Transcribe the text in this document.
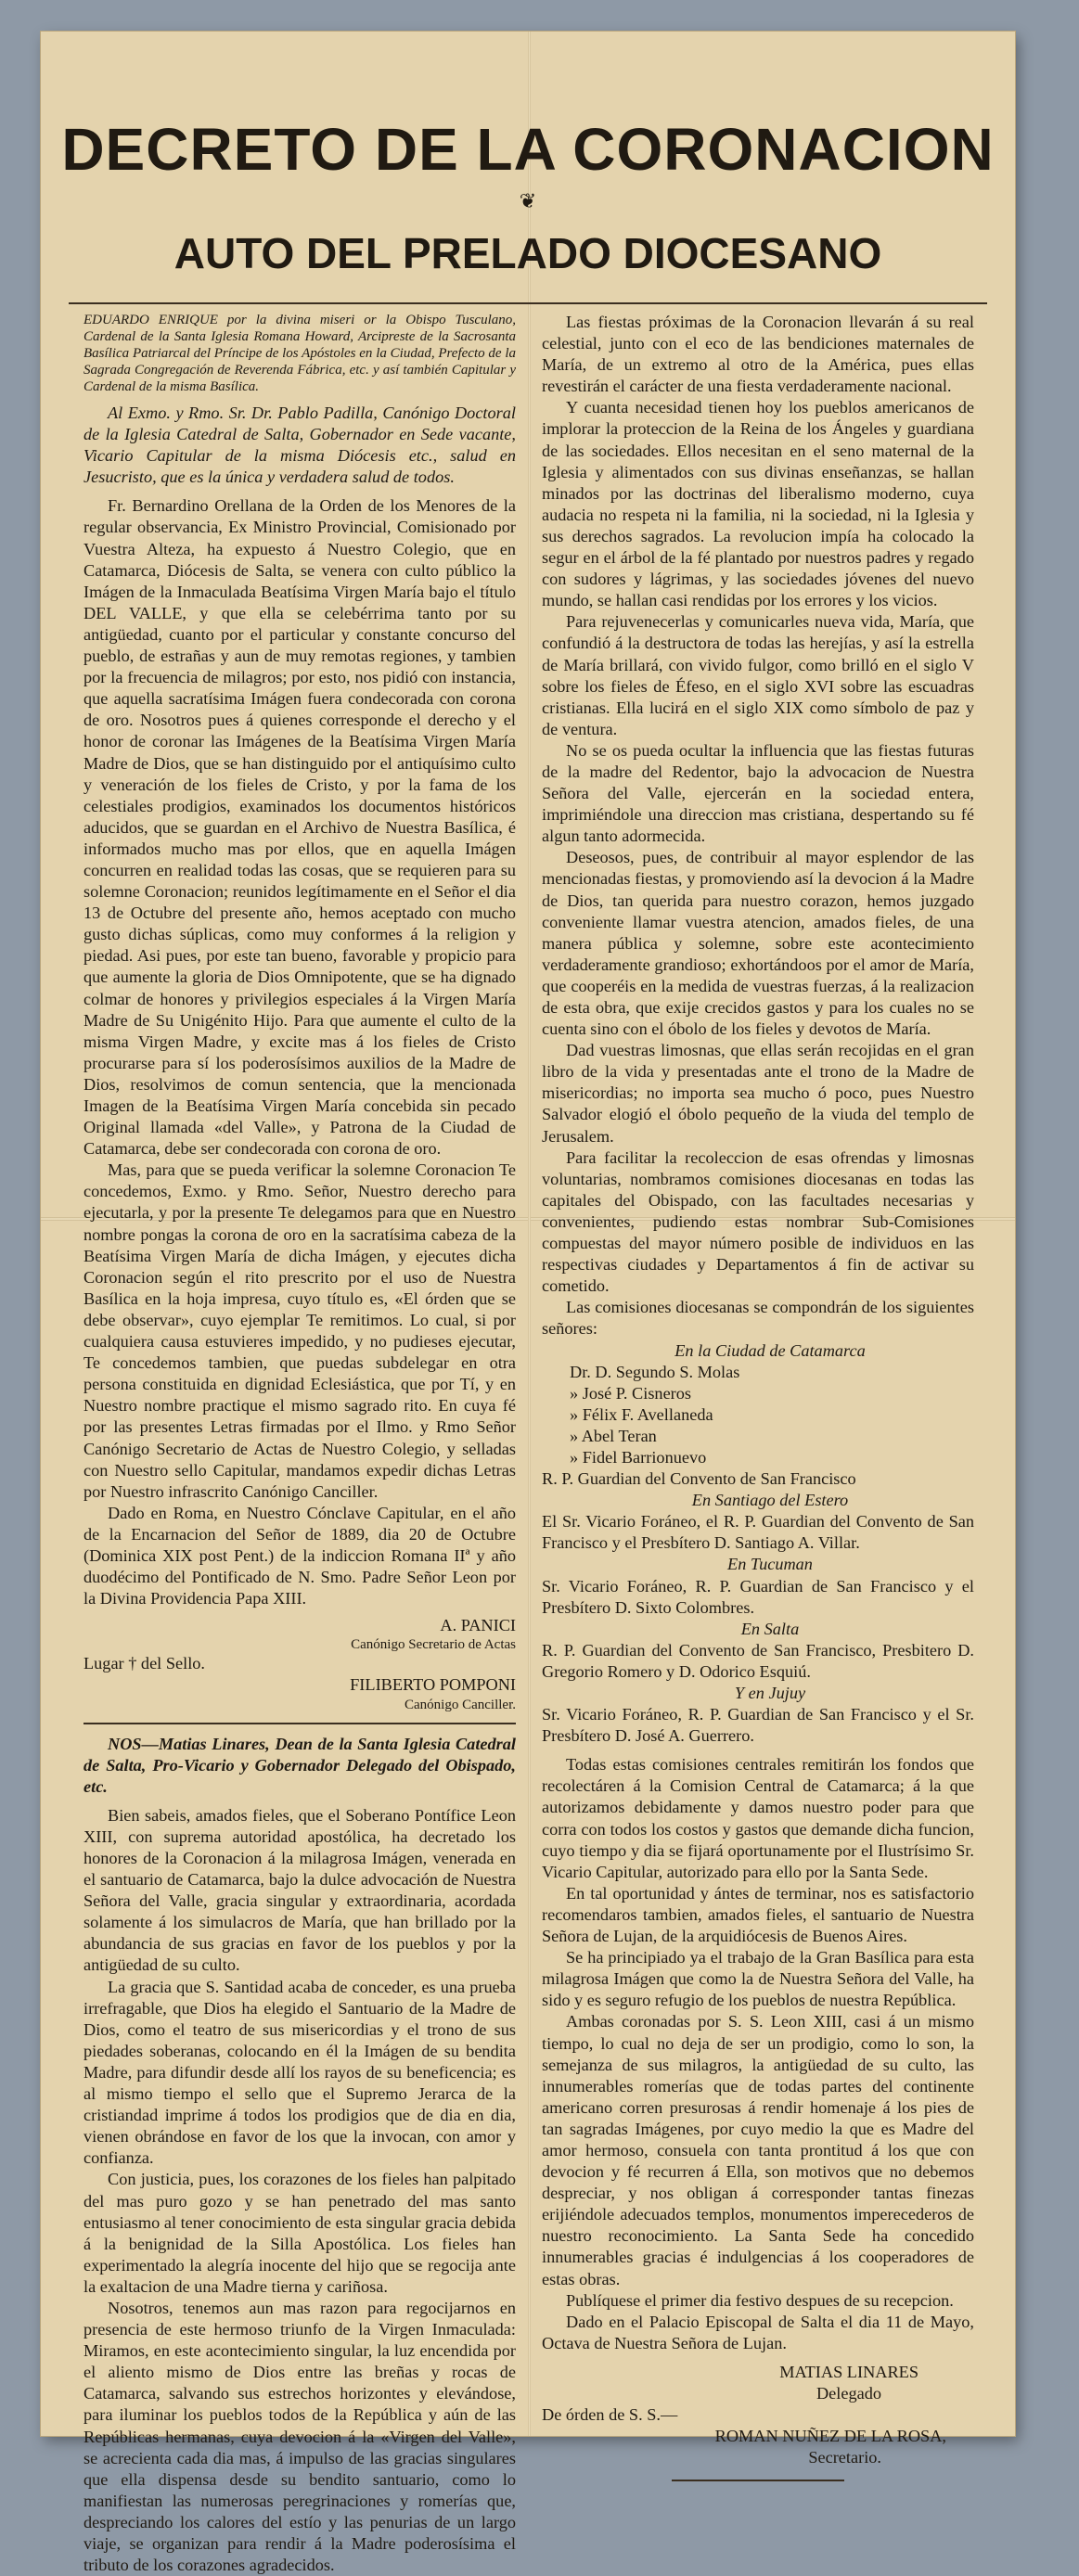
DECRETO DE LA CORONACION
❦
AUTO DEL PRELADO DIOCESANO

EDUARDO ENRIQUE por la divina miseri or la Obispo Tusculano, Cardenal de la Santa Iglesia Romana Howard, Arcipreste de la Sacrosanta Basílica Patriarcal del Príncipe de los Apóstoles en la Ciudad, Prefecto de la Sagrada Congregación de Reverenda Fábrica, etc. y así también Capitular y Cardenal de la misma Basílica.

Al Exmo. y Rmo. Sr. Dr. Pablo Padilla, Canónigo Doctoral de la Iglesia Catedral de Salta, Gobernador en Sede vacante, Vicario Capitular de la misma Diócesis etc., salud en Jesucristo, que es la única y verdadera salud de todos.

Fr. Bernardino Orellana de la Orden de los Menores de la regular observancia, Ex Ministro Provincial, Comisionado por Vuestra Alteza, ha expuesto á Nuestro Colegio, que en Catamarca, Diócesis de Salta, se venera con culto público la Imágen de la Inmaculada Beatísima Virgen María bajo el título DEL VALLE, y que ella se celebérrima tanto por su antigüedad, cuanto por el particular y constante concurso del pueblo, de estrañas y aun de muy remotas regiones, y tambien por la frecuencia de milagros; por esto, nos pidió con instancia, que aquella sacratísima Imágen fuera condecorada con corona de oro. Nosotros pues á quienes corresponde el derecho y el honor de coronar las Imágenes de la Beatísima Virgen María Madre de Dios, que se han distinguido por el antiquísimo culto y veneración de los fieles de Cristo, y por la fama de los celestiales prodigios, examinados los documentos históricos aducidos, que se guardan en el Archivo de Nuestra Basílica, é informados mucho mas por ellos, que en aquella Imágen concurren en realidad todas las cosas, que se requieren para su solemne Coronacion; reunidos legítimamente en el Señor el dia 13 de Octubre del presente año, hemos aceptado con mucho gusto dichas súplicas, como muy conformes á la religion y piedad. Asi pues, por este tan bueno, favorable y propicio para que aumente la gloria de Dios Omnipotente, que se ha dignado colmar de honores y privilegios especiales á la Virgen María Madre de Su Unigénito Hijo. Para que aumente el culto de la misma Virgen Madre, y excite mas á los fieles de Cristo procurarse para sí los poderosísimos auxilios de la Madre de Dios, resolvimos de comun sentencia, que la mencionada Imagen de la Beatísima Virgen María concebida sin pecado Original llamada «del Valle», y Patrona de la Ciudad de Catamarca, debe ser condecorada con corona de oro.

Mas, para que se pueda verificar la solemne Coronacion Te concedemos, Exmo. y Rmo. Señor, Nuestro derecho para ejecutarla, y por la presente Te delegamos para que en Nuestro nombre pongas la corona de oro en la sacratísima cabeza de la Beatísima Virgen María de dicha Imágen, y ejecutes dicha Coronacion según el rito prescrito por el uso de Nuestra Basílica en la hoja impresa, cuyo título es, «El órden que se debe observar», cuyo ejemplar Te remitimos. Lo cual, si por cualquiera causa estuvieres impedido, y no pudieses ejecutar, Te concedemos tambien, que puedas subdelegar en otra persona constituida en dignidad Eclesiástica, que por Tí, y en Nuestro nombre practique el mismo sagrado rito. En cuya fé por las presentes Letras firmadas por el Ilmo. y Rmo Señor Canónigo Secretario de Actas de Nuestro Colegio, y selladas con Nuestro sello Capitular, mandamos expedir dichas Letras por Nuestro infrascrito Canónigo Canciller.

Dado en Roma, en Nuestro Cónclave Capitular, en el año de la Encarnacion del Señor de 1889, dia 20 de Octubre (Dominica XIX post Pent.) de la indiccion Romana IIª y año duodécimo del Pontificado de N. Smo. Padre Señor Leon por la Divina Providencia Papa XIII.

A. PANICI

Canónigo Secretario de Actas

Lugar † del Sello.

FILIBERTO POMPONI

Canónigo Canciller.

NOS—Matias Linares, Dean de la Santa Iglesia Catedral de Salta, Pro-Vicario y Gobernador Delegado del Obispado, etc.

Bien sabeis, amados fieles, que el Soberano Pontífice Leon XIII, con suprema autoridad apostólica, ha decretado los honores de la Coronacion á la milagrosa Imágen, venerada en el santuario de Catamarca, bajo la dulce advocación de Nuestra Señora del Valle, gracia singular y extraordinaria, acordada solamente á los simulacros de María, que han brillado por la abundancia de sus gracias en favor de los pueblos y por la antigüedad de su culto.

La gracia que S. Santidad acaba de conceder, es una prueba irrefragable, que Dios ha elegido el Santuario de la Madre de Dios, como el teatro de sus misericordias y el trono de sus piedades soberanas, colocando en él la Imágen de su bendita Madre, para difundir desde allí los rayos de su beneficencia; es al mismo tiempo el sello que el Supremo Jerarca de la cristiandad imprime á todos los prodigios que de dia en dia, vienen obrándose en favor de los que la invocan, con amor y confianza.

Con justicia, pues, los corazones de los fieles han palpitado del mas puro gozo y se han penetrado del mas santo entusiasmo al tener conocimiento de esta singular gracia debida á la benignidad de la Silla Apostólica. Los fieles han experimentado la alegría inocente del hijo que se regocija ante la exaltacion de una Madre tierna y cariñosa.

Nosotros, tenemos aun mas razon para regocijarnos en presencia de este hermoso triunfo de la Virgen Inmaculada: Miramos, en este acontecimiento singular, la luz encendida por el aliento mismo de Dios entre las breñas y rocas de Catamarca, salvando sus estrechos horizontes y elevándose, para iluminar los pueblos todos de la República y aún de las Repúblicas hermanas, cuya devocion á la «Virgen del Valle», se acrecienta cada dia mas, á impulso de las gracias singulares que ella dispensa desde su bendito santuario, como lo manifiestan las numerosas peregrinaciones y romerías que, despreciando los calores del estío y las penurias de un largo viaje, se organizan para rendir á la Madre poderosísima el tributo de los corazones agradecidos.

Las fiestas próximas de la Coronacion llevarán á su real celestial, junto con el eco de las bendiciones maternales de María, de un extremo al otro de la América, pues ellas revestirán el carácter de una fiesta verdaderamente nacional.

Y cuanta necesidad tienen hoy los pueblos americanos de implorar la proteccion de la Reina de los Ángeles y guardiana de las sociedades. Ellos necesitan en el seno maternal de la Iglesia y alimentados con sus divinas enseñanzas, se hallan minados por las doctrinas del liberalismo moderno, cuya audacia no respeta ni la familia, ni la sociedad, ni la Iglesia y sus derechos sagrados. La revolucion impía ha colocado la segur en el árbol de la fé plantado por nuestros padres y regado con sudores y lágrimas, y las sociedades jóvenes del nuevo mundo, se hallan casi rendidas por los errores y los vicios.

Para rejuvenecerlas y comunicarles nueva vida, María, que confundió á la destructora de todas las herejías, y así la estrella de María brillará, con vivido fulgor, como brilló en el siglo V sobre los fieles de Éfeso, en el siglo XVI sobre las escuadras cristianas. Ella lucirá en el siglo XIX como símbolo de paz y de ventura.

No se os pueda ocultar la influencia que las fiestas futuras de la madre del Redentor, bajo la advocacion de Nuestra Señora del Valle, ejercerán en la sociedad entera, imprimiéndole una direccion mas cristiana, despertando su fé algun tanto adormecida.

Deseosos, pues, de contribuir al mayor esplendor de las mencionadas fiestas, y promoviendo así la devocion á la Madre de Dios, tan querida para nuestro corazon, hemos juzgado conveniente llamar vuestra atencion, amados fieles, de una manera pública y solemne, sobre este acontecimiento verdaderamente grandioso; exhortándoos por el amor de María, que cooperéis en la medida de vuestras fuerzas, á la realizacion de esta obra, que exije crecidos gastos y para los cuales no se cuenta sino con el óbolo de los fieles y devotos de María.

Dad vuestras limosnas, que ellas serán recojidas en el gran libro de la vida y presentadas ante el trono de la Madre de misericordias; no importa sea mucho ó poco, pues Nuestro Salvador elogió el óbolo pequeño de la viuda del templo de Jerusalem.

Para facilitar la recoleccion de esas ofrendas y limosnas voluntarias, nombramos comisiones diocesanas en todas las capitales del Obispado, con las facultades necesarias y convenientes, pudiendo estas nombrar Sub-Comisiones compuestas del mayor número posible de individuos en las respectivas ciudades y Departamentos á fin de activar su cometido.

Las comisiones diocesanas se compondrán de los siguientes señores:

En la Ciudad de Catamarca

Dr. D. Segundo S. Molas
» José P. Cisneros
» Félix F. Avellaneda
» Abel Teran
» Fidel Barrionuevo

R. P. Guardian del Convento de San Francisco

En Santiago del Estero

El Sr. Vicario Foráneo, el R. P. Guardian del Convento de San Francisco y el Presbítero D. Santiago A. Villar.

En Tucuman

Sr. Vicario Foráneo, R. P. Guardian de San Francisco y el Presbítero D. Sixto Colombres.

En Salta

R. P. Guardian del Convento de San Francisco, Presbitero D. Gregorio Romero y D. Odorico Esquiú.

Y en Jujuy

Sr. Vicario Foráneo, R. P. Guardian de San Francisco y el Sr. Presbítero D. José A. Guerrero.

Todas estas comisiones centrales remitirán los fondos que recolectáren á la Comision Central de Catamarca; á la que autorizamos debidamente y damos nuestro poder para que corra con todos los costos y gastos que demande dicha funcion, cuyo tiempo y dia se fijará oportunamente por el Ilustrísimo Sr. Vicario Capitular, autorizado para ello por la Santa Sede.

En tal oportunidad y ántes de terminar, nos es satisfactorio recomendaros tambien, amados fieles, el santuario de Nuestra Señora de Lujan, de la arquidiócesis de Buenos Aires.

Se ha principiado ya el trabajo de la Gran Basílica para esta milagrosa Imágen que como la de Nuestra Señora del Valle, ha sido y es seguro refugio de los pueblos de nuestra República.

Ambas coronadas por S. S. Leon XIII, casi á un mismo tiempo, lo cual no deja de ser un prodigio, como lo son, la semejanza de sus milagros, la antigüedad de su culto, las innumerables romerías que de todas partes del continente americano corren presurosas á rendir homenaje á los pies de tan sagradas Imágenes, por cuyo medio la que es Madre del amor hermoso, consuela con tanta prontitud á los que con devocion y fé recurren á Ella, son motivos que no debemos despreciar, y nos obligan á corresponder tantas finezas erijiéndole adecuados templos, monumentos imperecederos de nuestro reconocimiento. La Santa Sede ha concedido innumerables gracias é indulgencias á los cooperadores de estas obras.

Publíquese el primer dia festivo despues de su recepcion.

Dado en el Palacio Episcopal de Salta el dia 11 de Mayo, Octava de Nuestra Señora de Lujan.

MATIAS LINARES

Delegado

De órden de S. S.—

ROMAN NUÑEZ DE LA ROSA,

Secretario.
